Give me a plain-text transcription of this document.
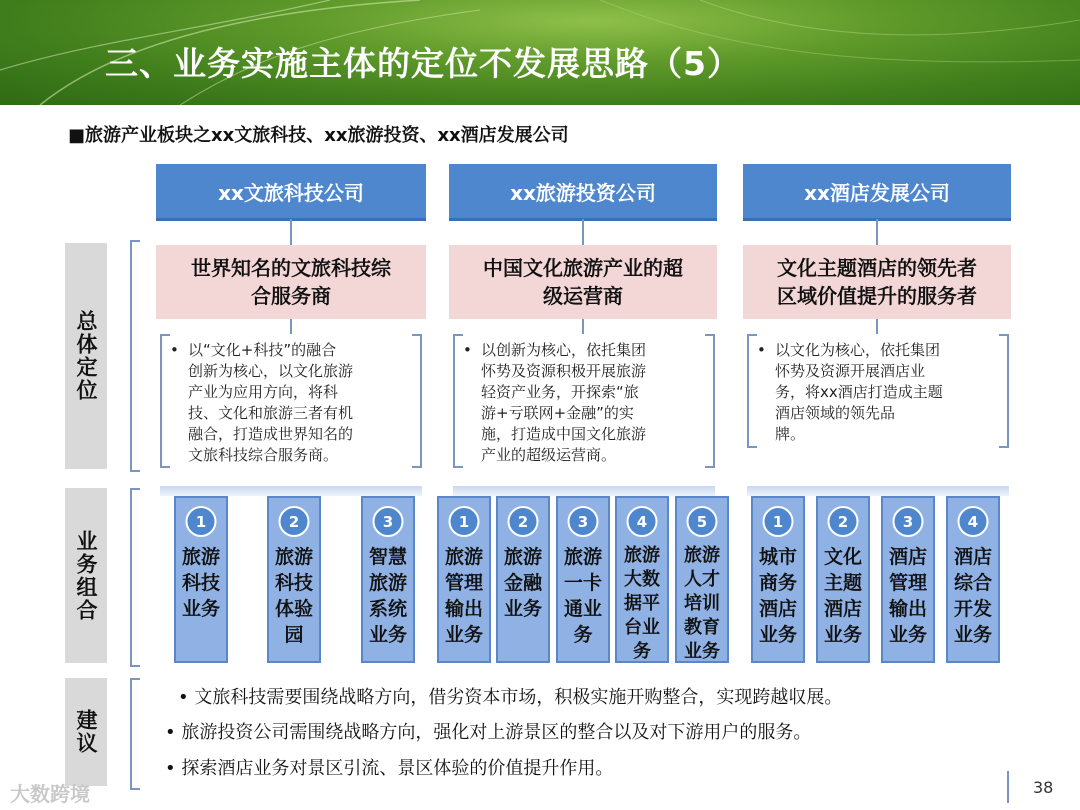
三、业务实施主体的定位不发展思路（5）
■旅游产业板块之xx文旅科技、xx旅游投资、xx酒店发展公司
总体定位
业务组合
建议
xx文旅科技公司	xx旅游投资公司	xx酒店发展公司
世界知名的文旅科技综
合服务商
中国文化旅游产业的超
级运营商
文化主题酒店的领先者
区域价值提升的服务者
• 以“文化+科技”的融合
创新为核心，以文化旅游
产业为应用方向，将科
技、文化和旅游三者有机
融合，打造成世界知名的
文旅科技综合服务商。
• 以创新为核心，依托集团
怀势及资源积极开展旅游
轻资产业务，开探索“旅
游+亏联网+金融”的实
施，打造成中国文化旅游
产业的超级运营商。
• 以文化为核心，依托集团
怀势及资源开展酒店业
务，将xx酒店打造成主题
酒店领域的领先品
牌。
1
旅游
科技
业务
2
旅游
科技
体验
园
3
智慧
旅游
系统
业务
1
旅游
管理
输出
业务
2
旅游
金融
业务
3
旅游
一卡
通业
务
4
旅游
大数
据平
台业
务
5
旅游
人才
培训
教育
业务
1
城市
商务
酒店
业务
2
文化
主题
酒店
业务
3
酒店
管理
输出
业务
4
酒店
综合
开发
业务
• 文旅科技需要围绕战略方向，借劣资本市场，积极实施开购整合，实现跨越収展。
• 旅游投资公司需围绕战略方向，强化对上游景区的整合以及对下游用户的服务。
• 探索酒店业务对景区引流、景区体验的价值提升作用。
大数跨境	38
